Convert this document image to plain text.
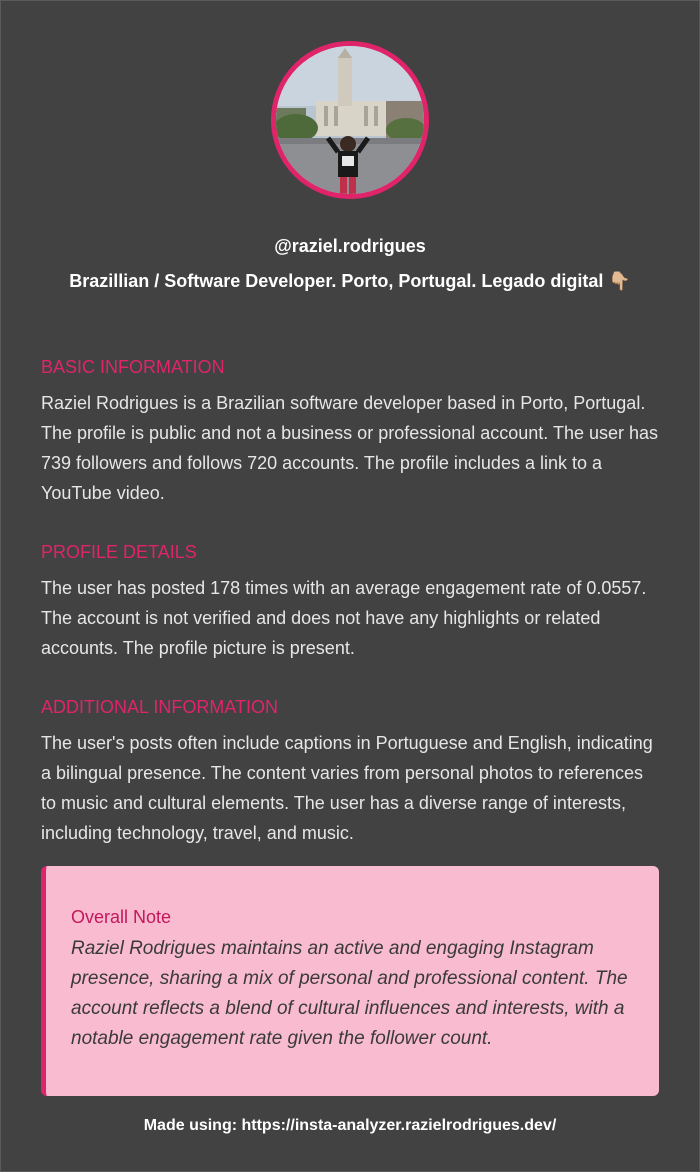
@raziel.rodrigues
Brazillian / Software Developer. Porto, Portugal. Legado digital 👇🏼
BASIC INFORMATION

Raziel Rodrigues is a Brazilian software developer based in Porto, Portugal. The profile is public and not a business or professional account. The user has 739 followers and follows 720 accounts. The profile includes a link to a YouTube video.

PROFILE DETAILS

The user has posted 178 times with an average engagement rate of 0.0557. The account is not verified and does not have any highlights or related accounts. The profile picture is present.

ADDITIONAL INFORMATION

The user's posts often include captions in Portuguese and English, indicating a bilingual presence. The content varies from personal photos to references to music and cultural elements. The user has a diverse range of interests, including technology, travel, and music.

Overall Note

Raziel Rodrigues maintains an active and engaging Instagram presence, sharing a mix of personal and professional content. The account reflects a blend of cultural influences and interests, with a notable engagement rate given the follower count.

Made using: https://insta-analyzer.razielrodrigues.dev/
